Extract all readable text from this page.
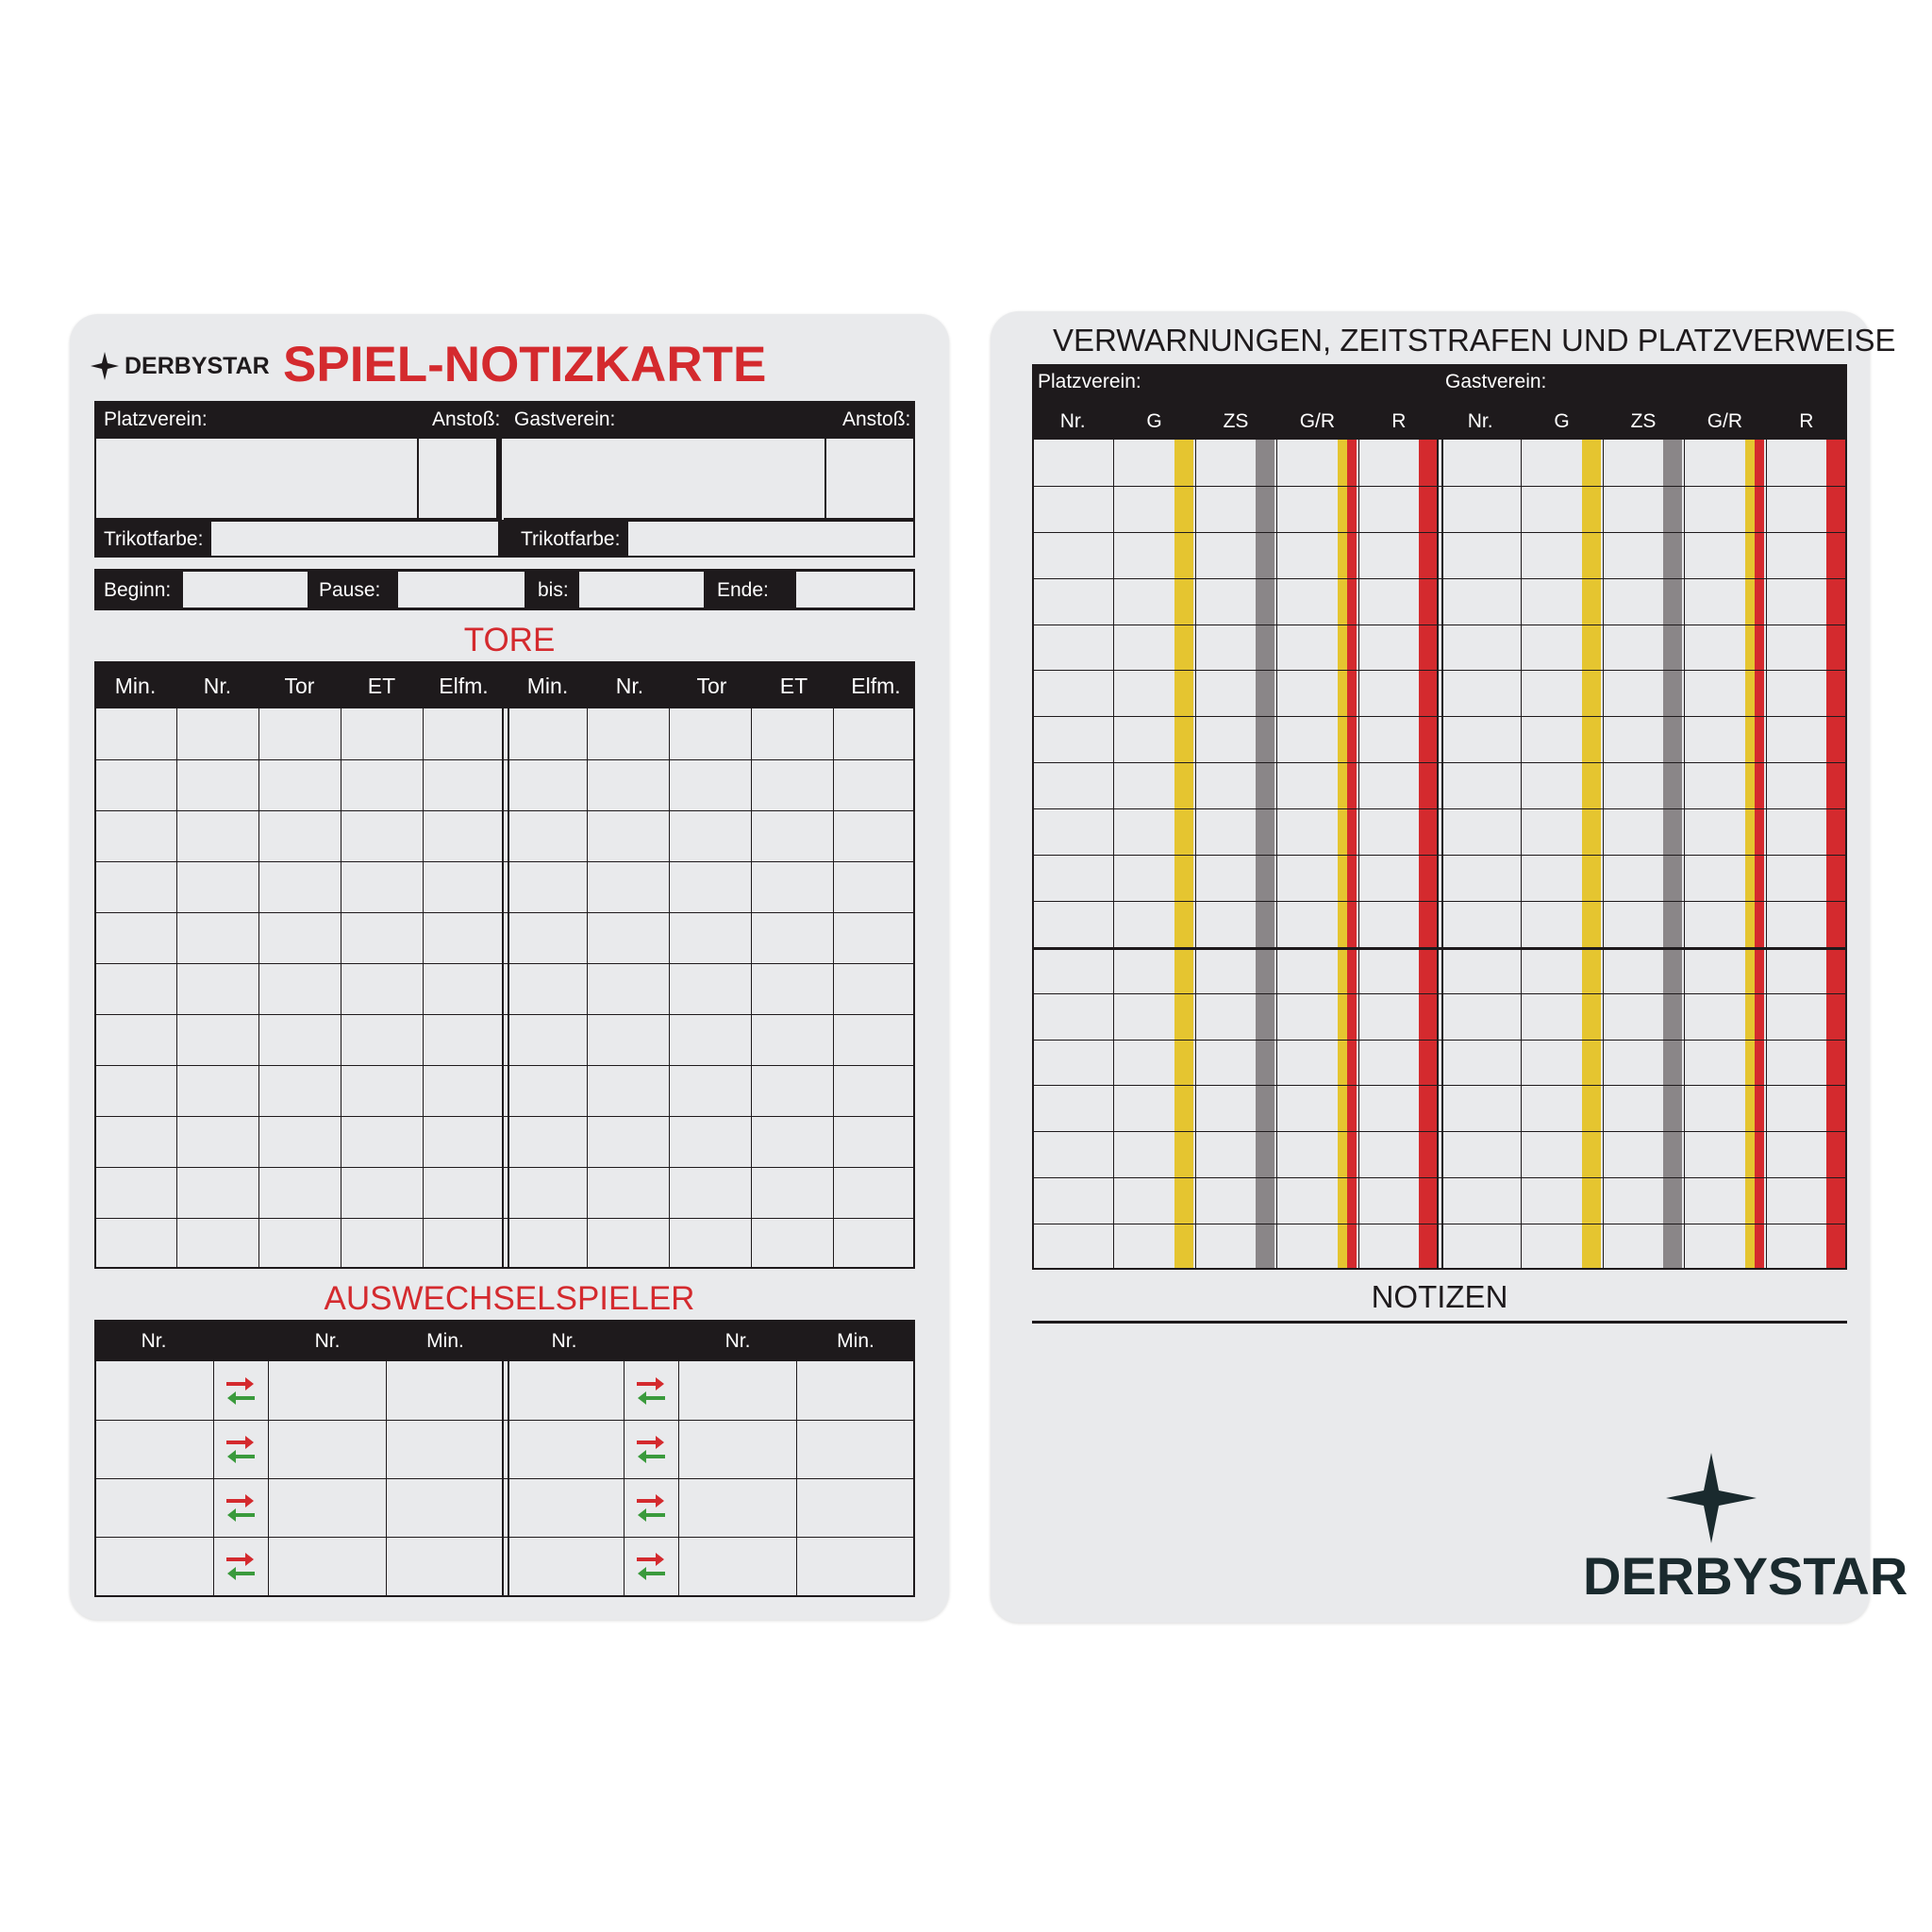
DERBYSTAR SPIEL-NOTIZKARTE
Platzverein:	Anstoß: Gastverein:	Anstoß:
Trikotfarbe:	Trikotfarbe:
Beginn:	Pause:	bis:	Ende:
TORE
AUSWECHSELSPIELER
Min.	Nr.	Tor	ET	Elfm.	Min.	Nr.	Tor	ET	Elfm.
Nr.	Nr.	Min.	Nr.	Nr.	Min.
VERWARNUNGEN, ZEITSTRAFEN UND PLATZVERWEISE
Platzverein:	Gastverein:
Nr.	G	ZS	G/R	R	Nr.	G	ZS	G/R	R
NOTIZEN
DERBYSTAR
